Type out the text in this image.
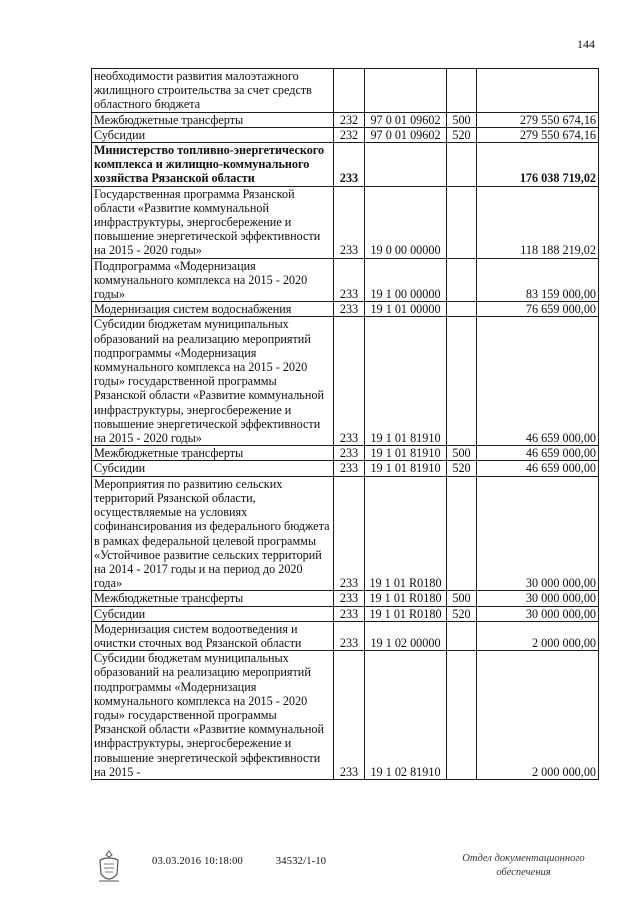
144
необходимости развития малоэтажного жилищного строительства за счет средств областного бюджета				
Межбюджетные трансферты	232	97 0 01 09602	500	279 550 674,16
Субсидии	232	97 0 01 09602	520	279 550 674,16
Министерство топливно-энергетического комплекса и жилищно-коммунального хозяйства Рязанской области	233			176 038 719,02
Государственная программа Рязанской области «Развитие коммунальной инфраструктуры, энергосбережение и повышение энергетической эффективности на 2015 - 2020 годы»	233	19 0 00 00000		118 188 219,02
Подпрограмма «Модернизация коммунального комплекса на 2015 - 2020 годы»	233	19 1 00 00000		83 159 000,00
Модернизация систем водоснабжения	233	19 1 01 00000		76 659 000,00
Субсидии бюджетам муниципальных образований на реализацию мероприятий подпрограммы «Модернизация коммунального комплекса на 2015 - 2020 годы» государственной программы Рязанской области «Развитие коммунальной инфраструктуры, энергосбережение и повышение энергетической эффективности на 2015 - 2020 годы»	233	19 1 01 81910		46 659 000,00
Межбюджетные трансферты	233	19 1 01 81910	500	46 659 000,00
Субсидии	233	19 1 01 81910	520	46 659 000,00
Мероприятия по развитию сельских территорий Рязанской области, осуществляемые на условиях софинансирования из федерального бюджета в рамках федеральной целевой программы «Устойчивое развитие сельских территорий на 2014 - 2017 годы и на период до 2020 года»	233	19 1 01 R0180		30 000 000,00
Межбюджетные трансферты	233	19 1 01 R0180	500	30 000 000,00
Субсидии	233	19 1 01 R0180	520	30 000 000,00
Модернизация систем водоотведения и очистки сточных вод Рязанской области	233	19 1 02 00000		2 000 000,00
Субсидии бюджетам муниципальных образований на реализацию мероприятий подпрограммы «Модернизация коммунального комплекса на 2015 - 2020 годы» государственной программы Рязанской области «Развитие коммунальной инфраструктуры, энергосбережение и повышение энергетической эффективности на 2015 -	233	19 1 02 81910		2 000 000,00
03.03.2016 10:18:00	34532/1-10	Отдел документационного
обеспечения
